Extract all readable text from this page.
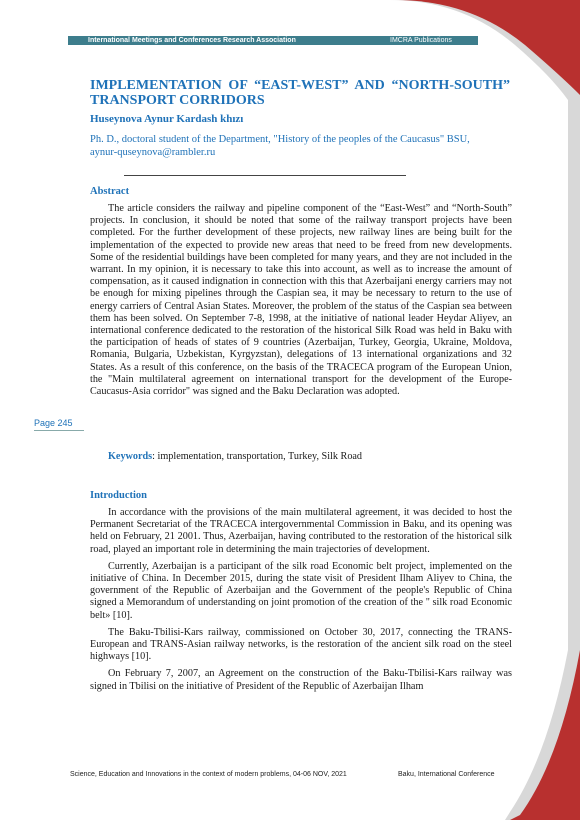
International Meetings and Conferences Research Association	IMCRA Publications
IMPLEMENTATION OF “EAST-WEST” AND “NORTH-SOUTH” TRANSPORT CORRIDORS
Huseynova Aynur Kardash khızı
Ph. D., doctoral student of the Department, "History of the peoples of the Caucasus" BSU,
aynur-quseynova@rambler.ru
Abstract

The article considers the railway and pipeline component of the “East-West” and “North-South” projects. In conclusion, it should be noted that some of the railway transport projects have been completed. For the further development of these projects, new railway lines are being built for the implementation of the expected to provide new areas that need to be freed from new developments. Some of the residential buildings have been completed for many years, and they are not included in the warrant. In my opinion, it is necessary to take this into account, as well as to increase the amount of compensation, as it caused indignation in connection with this that Azerbaijani energy carriers may not be enough for mixing pipelines through the Caspian sea, it may be necessary to return to the use of energy carriers of Central Asian States. Moreover, the problem of the status of the Caspian sea between them has been solved. On September 7-8, 1998, at the initiative of national leader Heydar Aliyev, an international conference dedicated to the restoration of the historical Silk Road was held in Baku with the participation of heads of states of 9 countries (Azerbaijan, Turkey, Georgia, Ukraine, Moldova, Romania, Bulgaria, Uzbekistan, Kyrgyzstan), delegations of 13 international organizations and 32 States. As a result of this conference, on the basis of the TRACECA program of the European Union, the "Main multilateral agreement on international transport for the development of the Europe-Caucasus-Asia corridor" was signed and the Baku Declaration was adopted.

Keywords: implementation, transportation, Turkey, Silk Road
Page 245
Introduction

In accordance with the provisions of the main multilateral agreement, it was decided to host the Permanent Secretariat of the TRACECA intergovernmental Commission in Baku, and its opening was held on February, 21 2001. Thus, Azerbaijan, having contributed to the restoration of the historical silk road, played an important role in determining the main trajectories of development.

Currently, Azerbaijan is a participant of the silk road Economic belt project, implemented on the initiative of China. In December 2015, during the state visit of President Ilham Aliyev to China, the government of the Republic of Azerbaijan and the Government of the people's Republic of China signed a Memorandum of understanding on joint promotion of the creation of the " silk road Economic belt» [10].

The Baku-Tbilisi-Kars railway, commissioned on October 30, 2017, connecting the TRANS-European and TRANS-Asian railway networks, is the restoration of the ancient silk road on the steel highways [10].

On February 7, 2007, an Agreement on the construction of the Baku-Tbilisi-Kars railway was signed in Tbilisi on the initiative of President of the Republic of Azerbaijan Ilham

Science, Education and Innovations in the context of modern problems, 04-06 NOV, 2021	Baku, International Conference
